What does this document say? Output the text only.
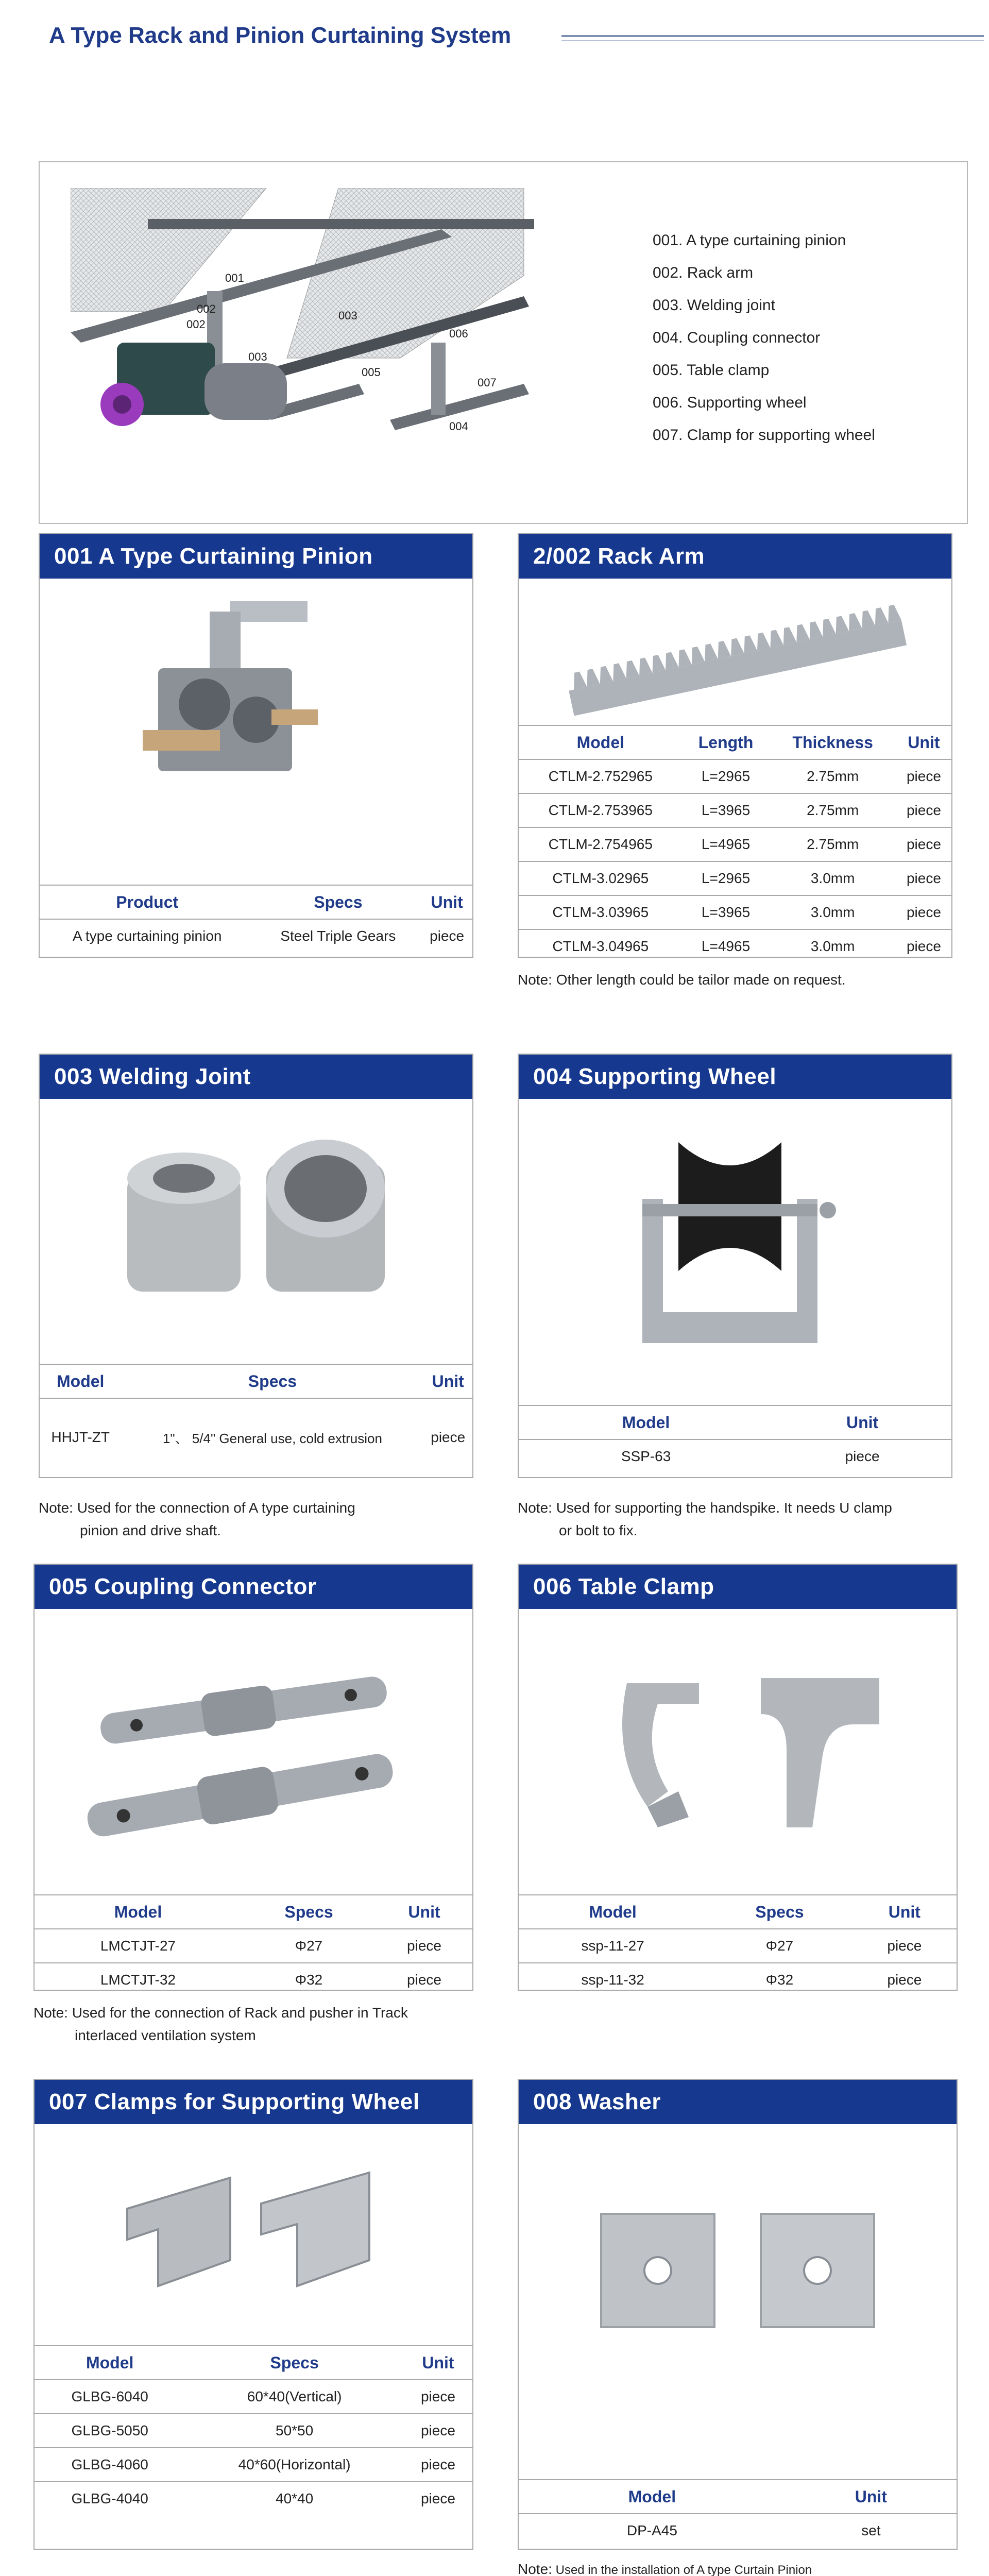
A Type Rack and Pinion Curtaining System
001
002
002
003
003
005
006
007
004
001. A type curtaining pinion
002. Rack arm
003. Welding joint
004. Coupling connector
005. Table clamp
006. Supporting wheel
007. Clamp for supporting wheel
001 A Type Curtaining Pinion
Product	Specs	Unit
A type curtaining pinion	Steel Triple Gears	piece
2/002 Rack Arm
Model	Length	Thickness	Unit
CTLM-2.752965	L=2965	2.75mm	piece
CTLM-2.753965	L=3965	2.75mm	piece
CTLM-2.754965	L=4965	2.75mm	piece
CTLM-3.02965	L=2965	3.0mm	piece
CTLM-3.03965	L=3965	3.0mm	piece
CTLM-3.04965	L=4965	3.0mm	piece
Note: Other length could be tailor made on request.
003 Welding Joint
Model	Specs	Unit
HHJT-ZT	1"、 5/4" General use, cold extrusion	piece
Note: Used for the connection of A type curtaining
pinion and drive shaft.
004 Supporting Wheel
Model	Unit
SSP-63	piece
Note: Used for supporting the handspike. It needs U clamp
or bolt to fix.
005 Coupling Connector
Model	Specs	Unit
LMCTJT-27	Φ27	piece
LMCTJT-32	Φ32	piece
Note: Used for the connection of Rack and pusher in Track
interlaced ventilation system
006 Table Clamp
Model	Specs	Unit
ssp-11-27	Φ27	piece
ssp-11-32	Φ32	piece
007 Clamps for Supporting Wheel
Model	Specs	Unit
GLBG-6040	60*40(Vertical)	piece
GLBG-5050	50*50	piece
GLBG-4060	40*60(Horizontal)	piece
GLBG-4040	40*40	piece
008 Washer
Model	Unit
DP-A45	set
Note: Used in the installation of A type Curtain Pinion
